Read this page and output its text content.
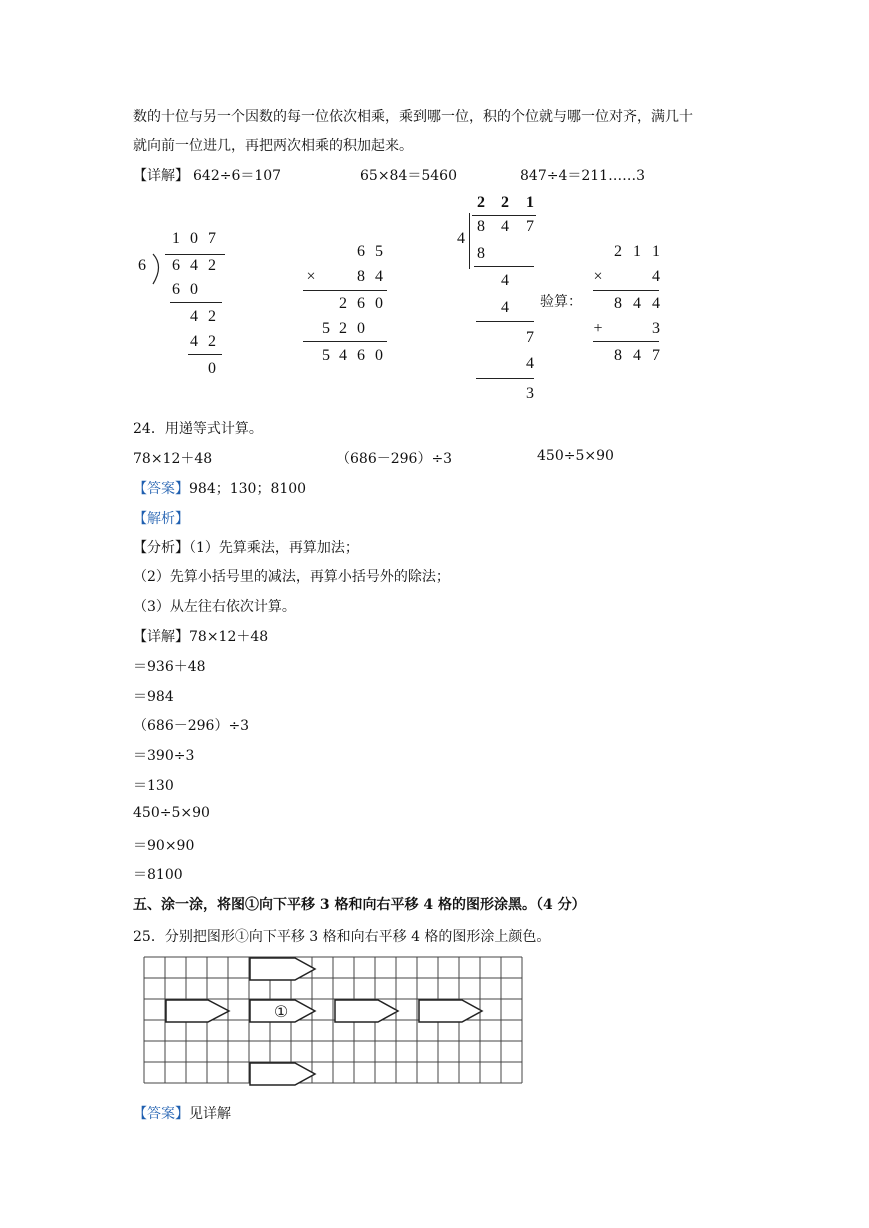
数的十位与另一个因数的每一位依次相乘，乘到哪一位，积的个位就与哪一位对齐，满几十
就向前一位进几，再把两次相乘的积加起来。
【详解】 642÷6＝107	65×84＝5460	847÷4＝211……3
1 0 7
6 6 4 2
6 0
4 2
4 2
0
6 5
×	8 4
2 6 0
5 2 0
5 4 6 0
2 2 1
4
8 4 7
8
4
4
7
4
3
验算：
2 1 1
×	4
8 4 4
+	3
8 4 7
24．用递等式计算。
78×12＋48	（686－296）÷3	450÷5×90
【答案】984；130；8100
【解析】
【分析】（1）先算乘法，再算加法；
（2）先算小括号里的减法，再算小括号外的除法；
（3）从左往右依次计算。
【详解】78×12＋48
＝936＋48
＝984
（686－296）÷3
＝390÷3
＝130
450÷5×90
＝90×90
＝8100
五、涂一涂，将图①向下平移 3 格和向右平移 4 格的图形涂黑。（4 分）
25．分别把图形①向下平移 3 格和向右平移 4 格的图形涂上颜色。
①
【答案】见详解
